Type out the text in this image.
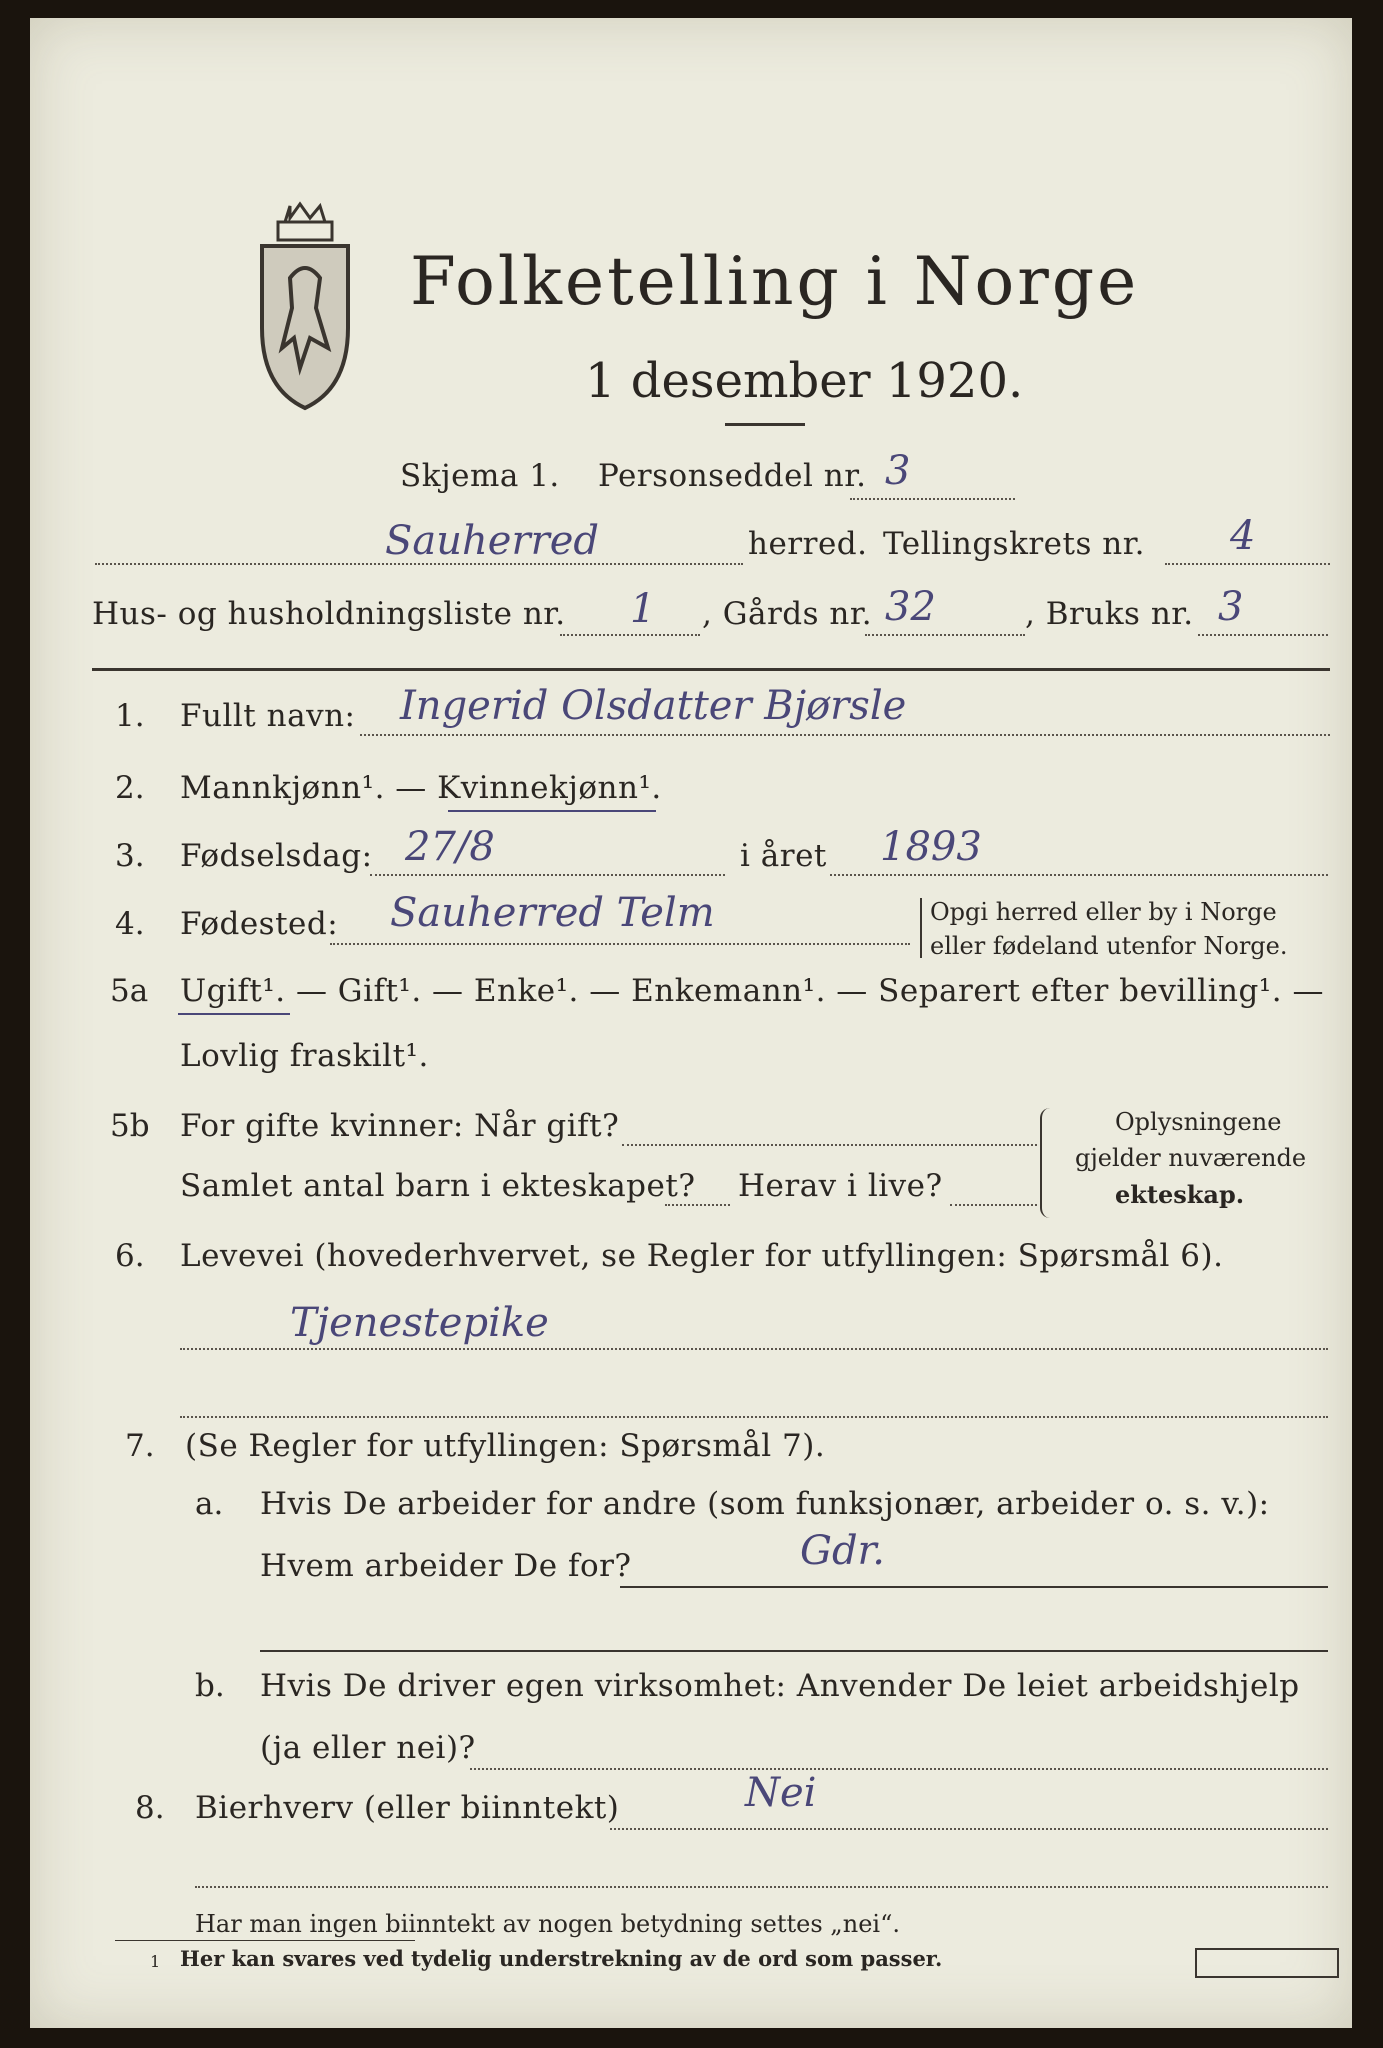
Folketelling i Norge
1 desember 1920.
Skjema 1. Personseddel nr. 3
Sauherred	herred. Tellingskrets nr. 4
Hus- og husholdningsliste nr. 1 , Gårds nr. 32	, Bruks nr. 3
1. Fullt navn: Ingerid Olsdatter Bjørsle
2. Mannkjønn¹. — Kvinnekjønn¹.
3. Fødselsdag: 27/8	i året 1893
4. Fødested: Sauherred Telm	Opgi herred eller by i Norge
eller fødeland utenfor Norge.
5a Ugift¹. — Gift¹. — Enke¹. — Enkemann¹. — Separert efter bevilling¹. —
Lovlig fraskilt¹.
5b For gifte kvinner: Når gift?
Samlet antal barn i ekteskapet? Herav i live?
Oplysningene
gjelder nuværende
ekteskap.
6. Levevei (hovederhvervet, se Regler for utfyllingen: Spørsmål 6).
Tjenestepike
7. (Se Regler for utfyllingen: Spørsmål 7).
a. Hvis De arbeider for andre (som funksjonær, arbeider o. s. v.):
Hvem arbeider De for?	Gdr.
b. Hvis De driver egen virksomhet: Anvender De leiet arbeidshjelp
(ja eller nei)?
8. Bierhverv (eller biinntekt)	Nei
Har man ingen biinntekt av nogen betydning settes „nei“.
1 Her kan svares ved tydelig understrekning av de ord som passer.
